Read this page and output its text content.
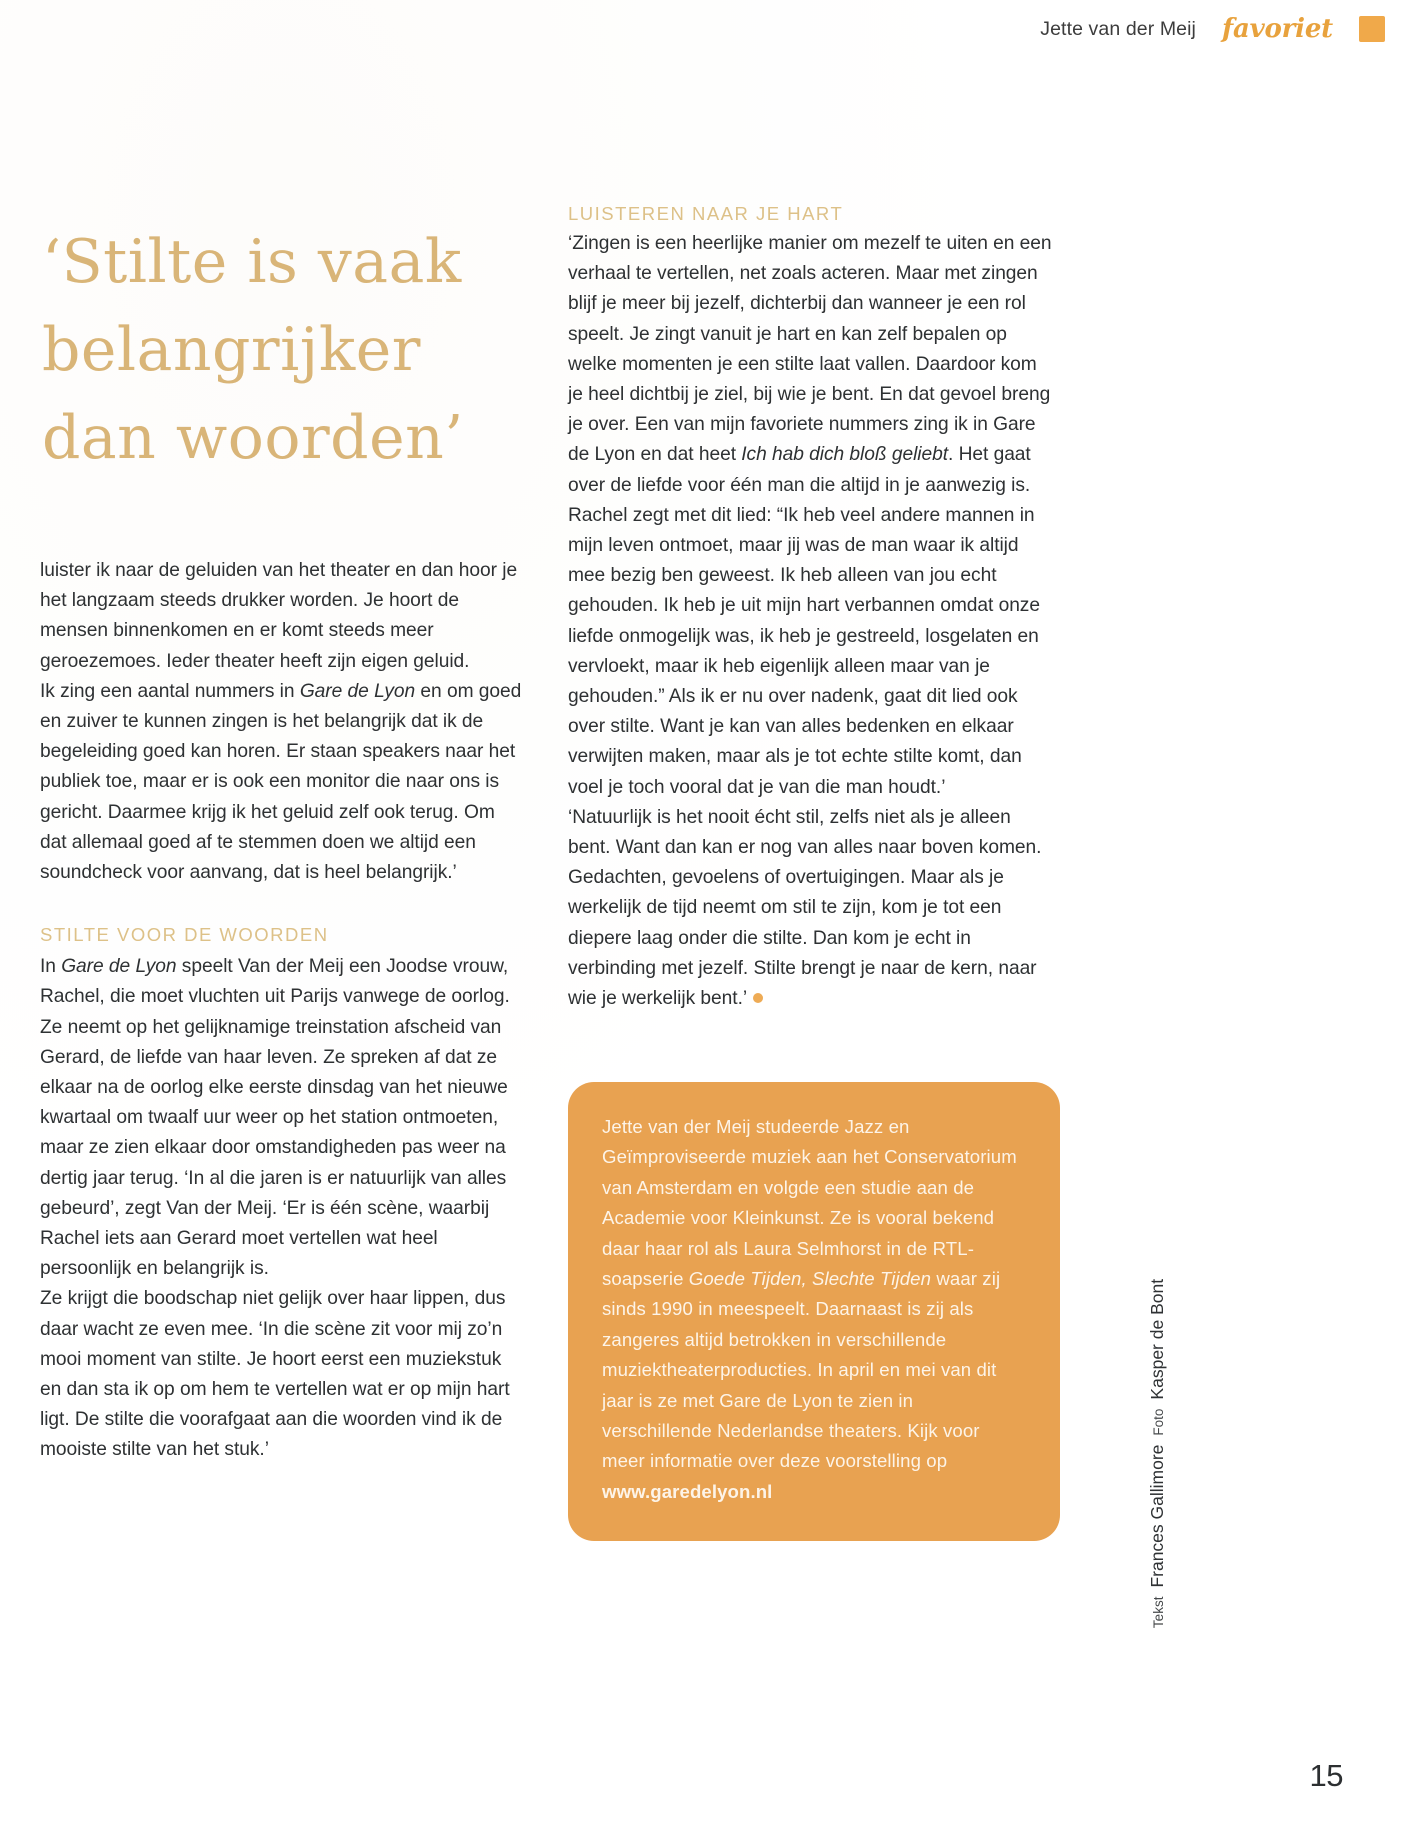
Jette van der Meij favoriet
‘Stilte is vaak
belangrijker
dan woorden’

luister ik naar de geluiden van het theater en dan hoor je het langzaam steeds drukker worden. Je hoort de mensen binnenkomen en er komt steeds meer geroezemoes. Ieder theater heeft zijn eigen geluid.

Ik zing een aantal nummers in Gare de Lyon en om goed en zuiver te kunnen zingen is het belangrijk dat ik de begeleiding goed kan horen. Er staan speakers naar het publiek toe, maar er is ook een monitor die naar ons is gericht. Daarmee krijg ik het geluid zelf ook terug. Om dat allemaal goed af te stemmen doen we altijd een soundcheck voor aanvang, dat is heel belangrijk.’

STILTE VOOR DE WOORDEN

In Gare de Lyon speelt Van der Meij een Joodse vrouw, Rachel, die moet vluchten uit Parijs vanwege de oorlog. Ze neemt op het gelijknamige treinstation afscheid van Gerard, de liefde van haar leven. Ze spreken af dat ze elkaar na de oorlog elke eerste dinsdag van het nieuwe kwartaal om twaalf uur weer op het station ontmoeten, maar ze zien elkaar door omstandigheden pas weer na dertig jaar terug. ‘In al die jaren is er natuurlijk van alles gebeurd’, zegt Van der Meij. ‘Er is één scène, waarbij Rachel iets aan Gerard moet vertellen wat heel persoonlijk en belangrijk is.

Ze krijgt die boodschap niet gelijk over haar lippen, dus daar wacht ze even mee. ‘In die scène zit voor mij zo’n mooi moment van stilte. Je hoort eerst een muziekstuk en dan sta ik op om hem te vertellen wat er op mijn hart ligt. De stilte die voorafgaat aan die woorden vind ik de mooiste stilte van het stuk.’

LUISTEREN NAAR JE HART

‘Zingen is een heerlijke manier om mezelf te uiten en een verhaal te vertellen, net zoals acteren. Maar met zingen blijf je meer bij jezelf, dichterbij dan wanneer je een rol speelt. Je zingt vanuit je hart en kan zelf bepalen op welke momenten je een stilte laat vallen. Daardoor kom je heel dichtbij je ziel, bij wie je bent. En dat gevoel breng je over. Een van mijn favoriete nummers zing ik in Gare de Lyon en dat heet Ich hab dich bloß geliebt. Het gaat over de liefde voor één man die altijd in je aanwezig is. Rachel zegt met dit lied: “Ik heb veel andere mannen in mijn leven ontmoet, maar jij was de man waar ik altijd mee bezig ben geweest. Ik heb alleen van jou echt gehouden. Ik heb je uit mijn hart verbannen omdat onze liefde onmogelijk was, ik heb je gestreeld, losgelaten en vervloekt, maar ik heb eigenlijk alleen maar van je gehouden.” Als ik er nu over nadenk, gaat dit lied ook over stilte. Want je kan van alles bedenken en elkaar verwijten maken, maar als je tot echte stilte komt, dan voel je toch vooral dat je van die man houdt.’

‘Natuurlijk is het nooit écht stil, zelfs niet als je alleen bent. Want dan kan er nog van alles naar boven komen. Gedachten, gevoelens of overtuigingen. Maar als je werkelijk de tijd neemt om stil te zijn, kom je tot een diepere laag onder die stilte. Dan kom je echt in verbinding met jezelf. Stilte brengt je naar de kern, naar wie je werkelijk bent.’

Jette van der Meij studeerde Jazz en Geïmproviseerde muziek aan het Conservatorium van Amsterdam en volgde een studie aan de Academie voor Kleinkunst. Ze is vooral bekend daar haar rol als Laura Selmhorst in de RTL-soapserie Goede Tijden, Slechte Tijden waar zij sinds 1990 in meespeelt. Daarnaast is zij als zangeres altijd betrokken in verschillende muziektheaterproducties. In april en mei van dit jaar is ze met Gare de Lyon te zien in verschillende Nederlandse theaters. Kijk voor meer informatie over deze voorstelling op www.garedelyon.nl
Tekst
Frances Gallimore
Foto
Kasper de Bont
15
